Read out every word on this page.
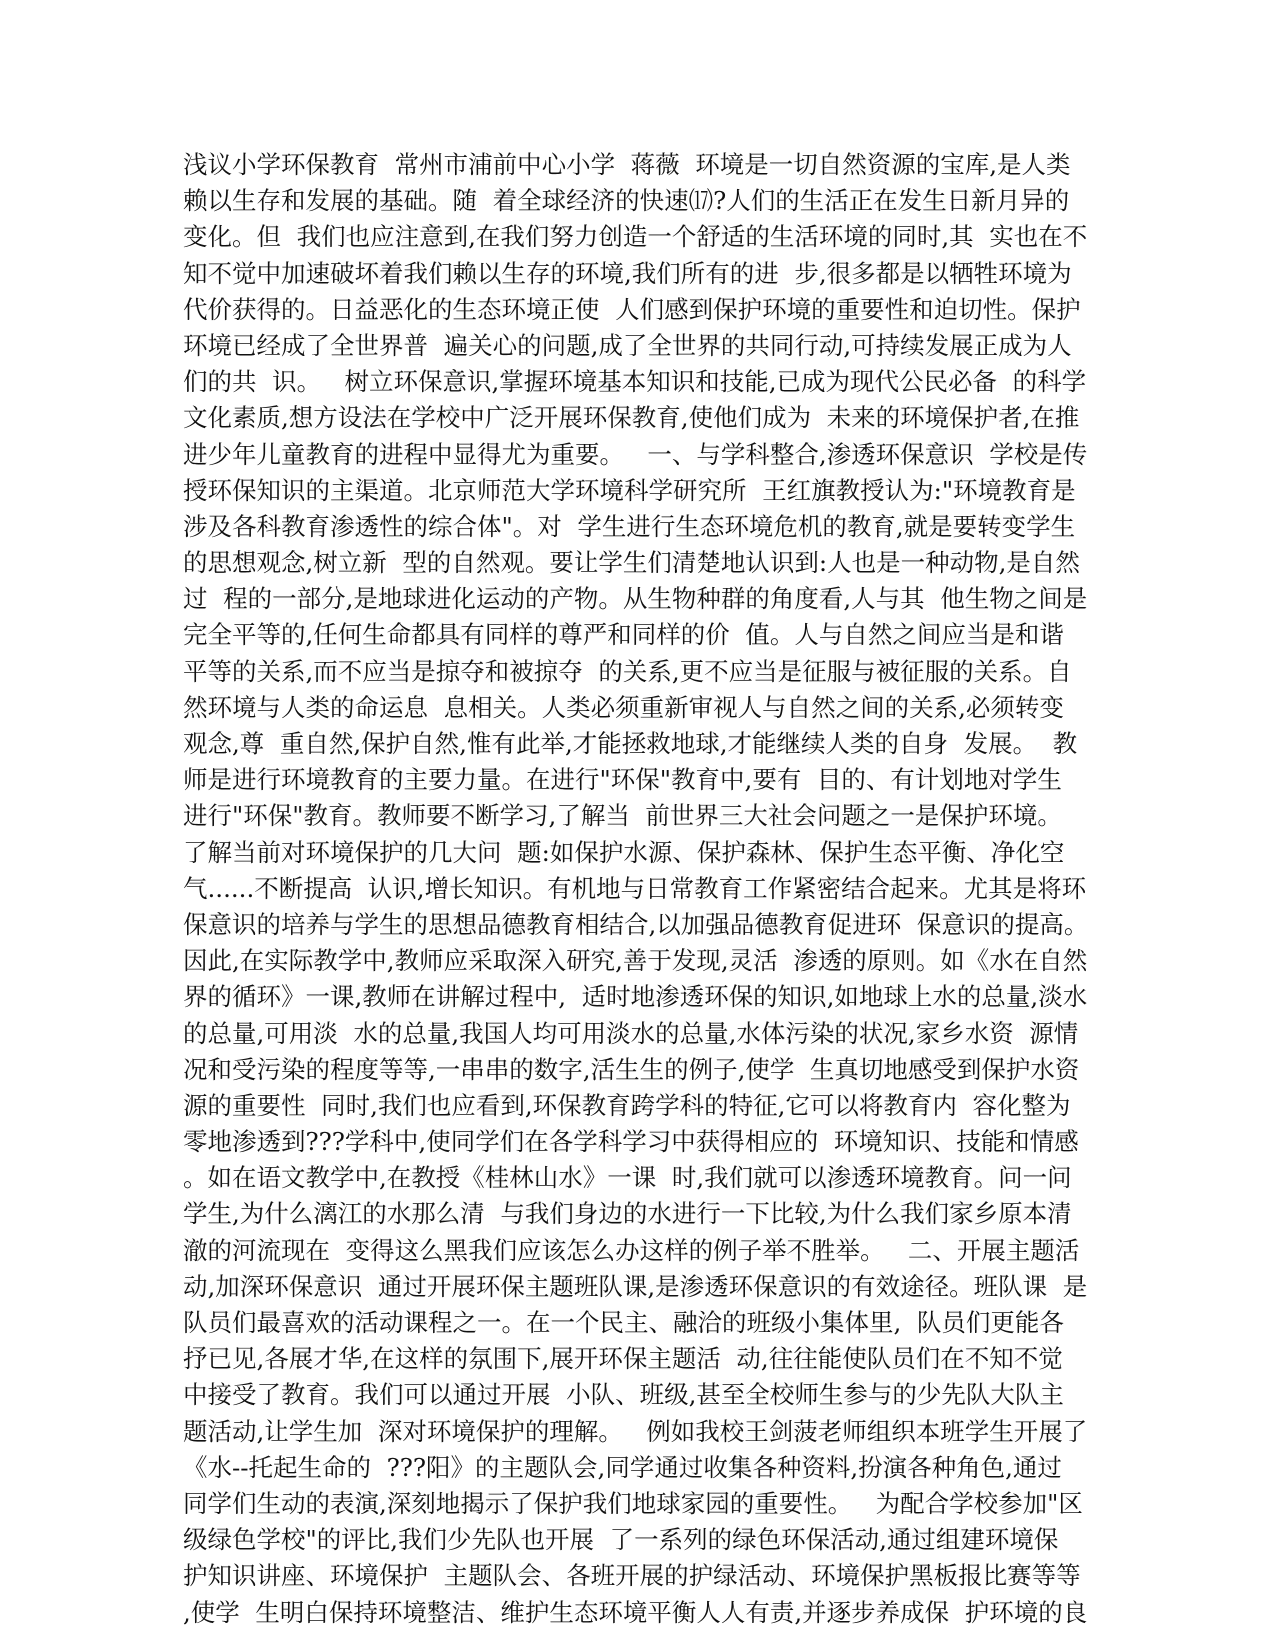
浅议小学环保教育  常州市浦前中心小学  蒋薇  环境是一切自然资源的宝库,是人类
赖以生存和发展的基础。随  着全球经济的快速⒄?人们的生活正在发生日新月异的
变化。但  我们也应注意到,在我们努力创造一个舒适的生活环境的同时,其  实也在不
知不觉中加速破坏着我们赖以生存的环境,我们所有的进  步,很多都是以牺牲环境为
代价获得的。日益恶化的生态环境正使  人们感到保护环境的重要性和迫切性。保护
环境已经成了全世界普  遍关心的问题,成了全世界的共同行动,可持续发展正成为人
们的共  识。   树立环保意识,掌握环境基本知识和技能,已成为现代公民必备  的科学
文化素质,想方设法在学校中广泛开展环保教育,使他们成为  未来的环境保护者,在推
进少年儿童教育的进程中显得尤为重要。   一、与学科整合,渗透环保意识  学校是传
授环保知识的主渠道。北京师范大学环境科学研究所  王红旗教授认为:"环境教育是
涉及各科教育渗透性的综合体"。对  学生进行生态环境危机的教育,就是要转变学生
的思想观念,树立新  型的自然观。要让学生们清楚地认识到:人也是一种动物,是自然
过  程的一部分,是地球进化运动的产物。从生物种群的角度看,人与其  他生物之间是
完全平等的,任何生命都具有同样的尊严和同样的价  值。人与自然之间应当是和谐
平等的关系,而不应当是掠夺和被掠夺  的关系,更不应当是征服与被征服的关系。自
然环境与人类的命运息  息相关。人类必须重新审视人与自然之间的关系,必须转变
观念,尊  重自然,保护自然,惟有此举,才能拯救地球,才能继续人类的自身  发展。  教
师是进行环境教育的主要力量。在进行"环保"教育中,要有  目的、有计划地对学生
进行"环保"教育。教师要不断学习,了解当  前世界三大社会问题之一是保护环境。
了解当前对环境保护的几大问  题:如保护水源、保护森林、保护生态平衡、净化空
气......不断提高  认识,增长知识。有机地与日常教育工作紧密结合起来。尤其是将环
保意识的培养与学生的思想品德教育相结合,以加强品德教育促进环  保意识的提高。
因此,在实际教学中,教师应采取深入研究,善于发现,灵活  渗透的原则。如《水在自然
界的循环》一课,教师在讲解过程中,  适时地渗透环保的知识,如地球上水的总量,淡水
的总量,可用淡  水的总量,我国人均可用淡水的总量,水体污染的状况,家乡水资  源情
况和受污染的程度等等,一串串的数字,活生生的例子,使学  生真切地感受到保护水资
源的重要性  同时,我们也应看到,环保教育跨学科的特征,它可以将教育内  容化整为
零地渗透到???学科中,使同学们在各学科学习中获得相应的  环境知识、技能和情感
。如在语文教学中,在教授《桂林山水》一课  时,我们就可以渗透环境教育。问一问
学生,为什么漓江的水那么清  与我们身边的水进行一下比较,为什么我们家乡原本清
澈的河流现在  变得这么黑我们应该怎么办这样的例子举不胜举。   二、开展主题活
动,加深环保意识  通过开展环保主题班队课,是渗透环保意识的有效途径。班队课  是
队员们最喜欢的活动课程之一。在一个民主、融洽的班级小集体里,  队员们更能各
抒已见,各展才华,在这样的氛围下,展开环保主题活  动,往往能使队员们在不知不觉
中接受了教育。我们可以通过开展  小队、班级,甚至全校师生参与的少先队大队主
题活动,让学生加  深对环境保护的理解。   例如我校王剑菠老师组织本班学生开展了
《水--托起生命的  ???阳》的主题队会,同学通过收集各种资料,扮演各种角色,通过
同学们生动的表演,深刻地揭示了保护我们地球家园的重要性。   为配合学校参加"区
级绿色学校"的评比,我们少先队也开展  了一系列的绿色环保活动,通过组建环境保
护知识讲座、环境保护  主题队会、各班开展的护绿活动、环境保护黑板报比赛等等
,使学  生明白保持环境整洁、维护生态环境平衡人人有责,并逐步养成保  护环境的良
